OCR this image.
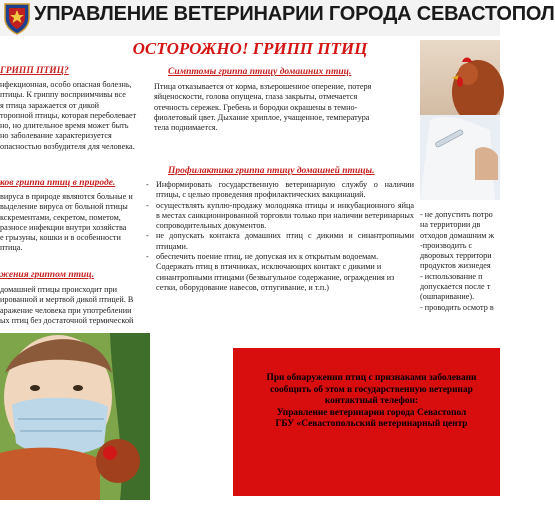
УПРАВЛЕНИЕ ВЕТЕРИНАРИИ ГОРОДА СЕВАСТОПОЛ
ОСТОРОЖНО! ГРИПП ПТИЦ
ГРИПП ПТИЦ?
нфекционная, особо опасная болезнь,
птицы. К гриппу восприимчивы все
я птица заражается от дикой
торопной птицы, которая переболевает
но, но длительное время может быть
но заболевание характеризуется
опасностью возбудителя для человека.
ков гриппа птиц в природе.
вируса в природе являются больные и
выделение вируса от больной птицы
кскрементами, секретом, пометом,
разносе инфекции внутри хозяйства
е грызуны, кошки и в особенности
птица.
жения гриппом птиц.
домашней птицы происходит при
ированной и мертвой дикой птицей. В
аражение человека при употреблении
ых птиц без достаточной термической
Симптомы гриппа птицу домашних птиц.
Птица отказывается от корма, взъерошенное оперение, потеря
яйценоскости, голова опущена, глаза закрыты, отмечается
отечность сережек. Гребень и бородки окрашены в темно-
фиолетовый цвет. Дыхание хриплое, учащенное, температура
тела поднимается.
Профилактика гриппа птицу домашней птицы.
- Информировать государственную ветеринарную службу о наличии птицы, с целью проведения профилактических вакцинаций.
- осуществлять куплю-продажу молодняка птицы и инкубационного яйца в местах санкционированной торговли только при наличии ветеринарных сопроводительных документов.
- не допускать контакта домашних птиц с дикими и синантропными птицами.
- обеспечить поение птиц, не допуская их к открытым водоемам.
Содержать птиц в птичниках, исключающих контакт с дикими и синантропными птицами (безвыгульное содержание, ограждения из сетки, оборудование навесов, отпугивание, и т.п.)
- не допустить потро
на территории дв
отходов домашним ж
-производить с
дворовых территори
продуктов жизнедея
- использование п
допускается после т
(ошпаривание).
- проводить осмотр в
При обнаружении птиц с признаками заболевани
сообщить об этом в государственную ветеринар
контактный телефон:
Управление ветеринарии города Севастопол
ГБУ «Севастопольский ветеринарный центр
